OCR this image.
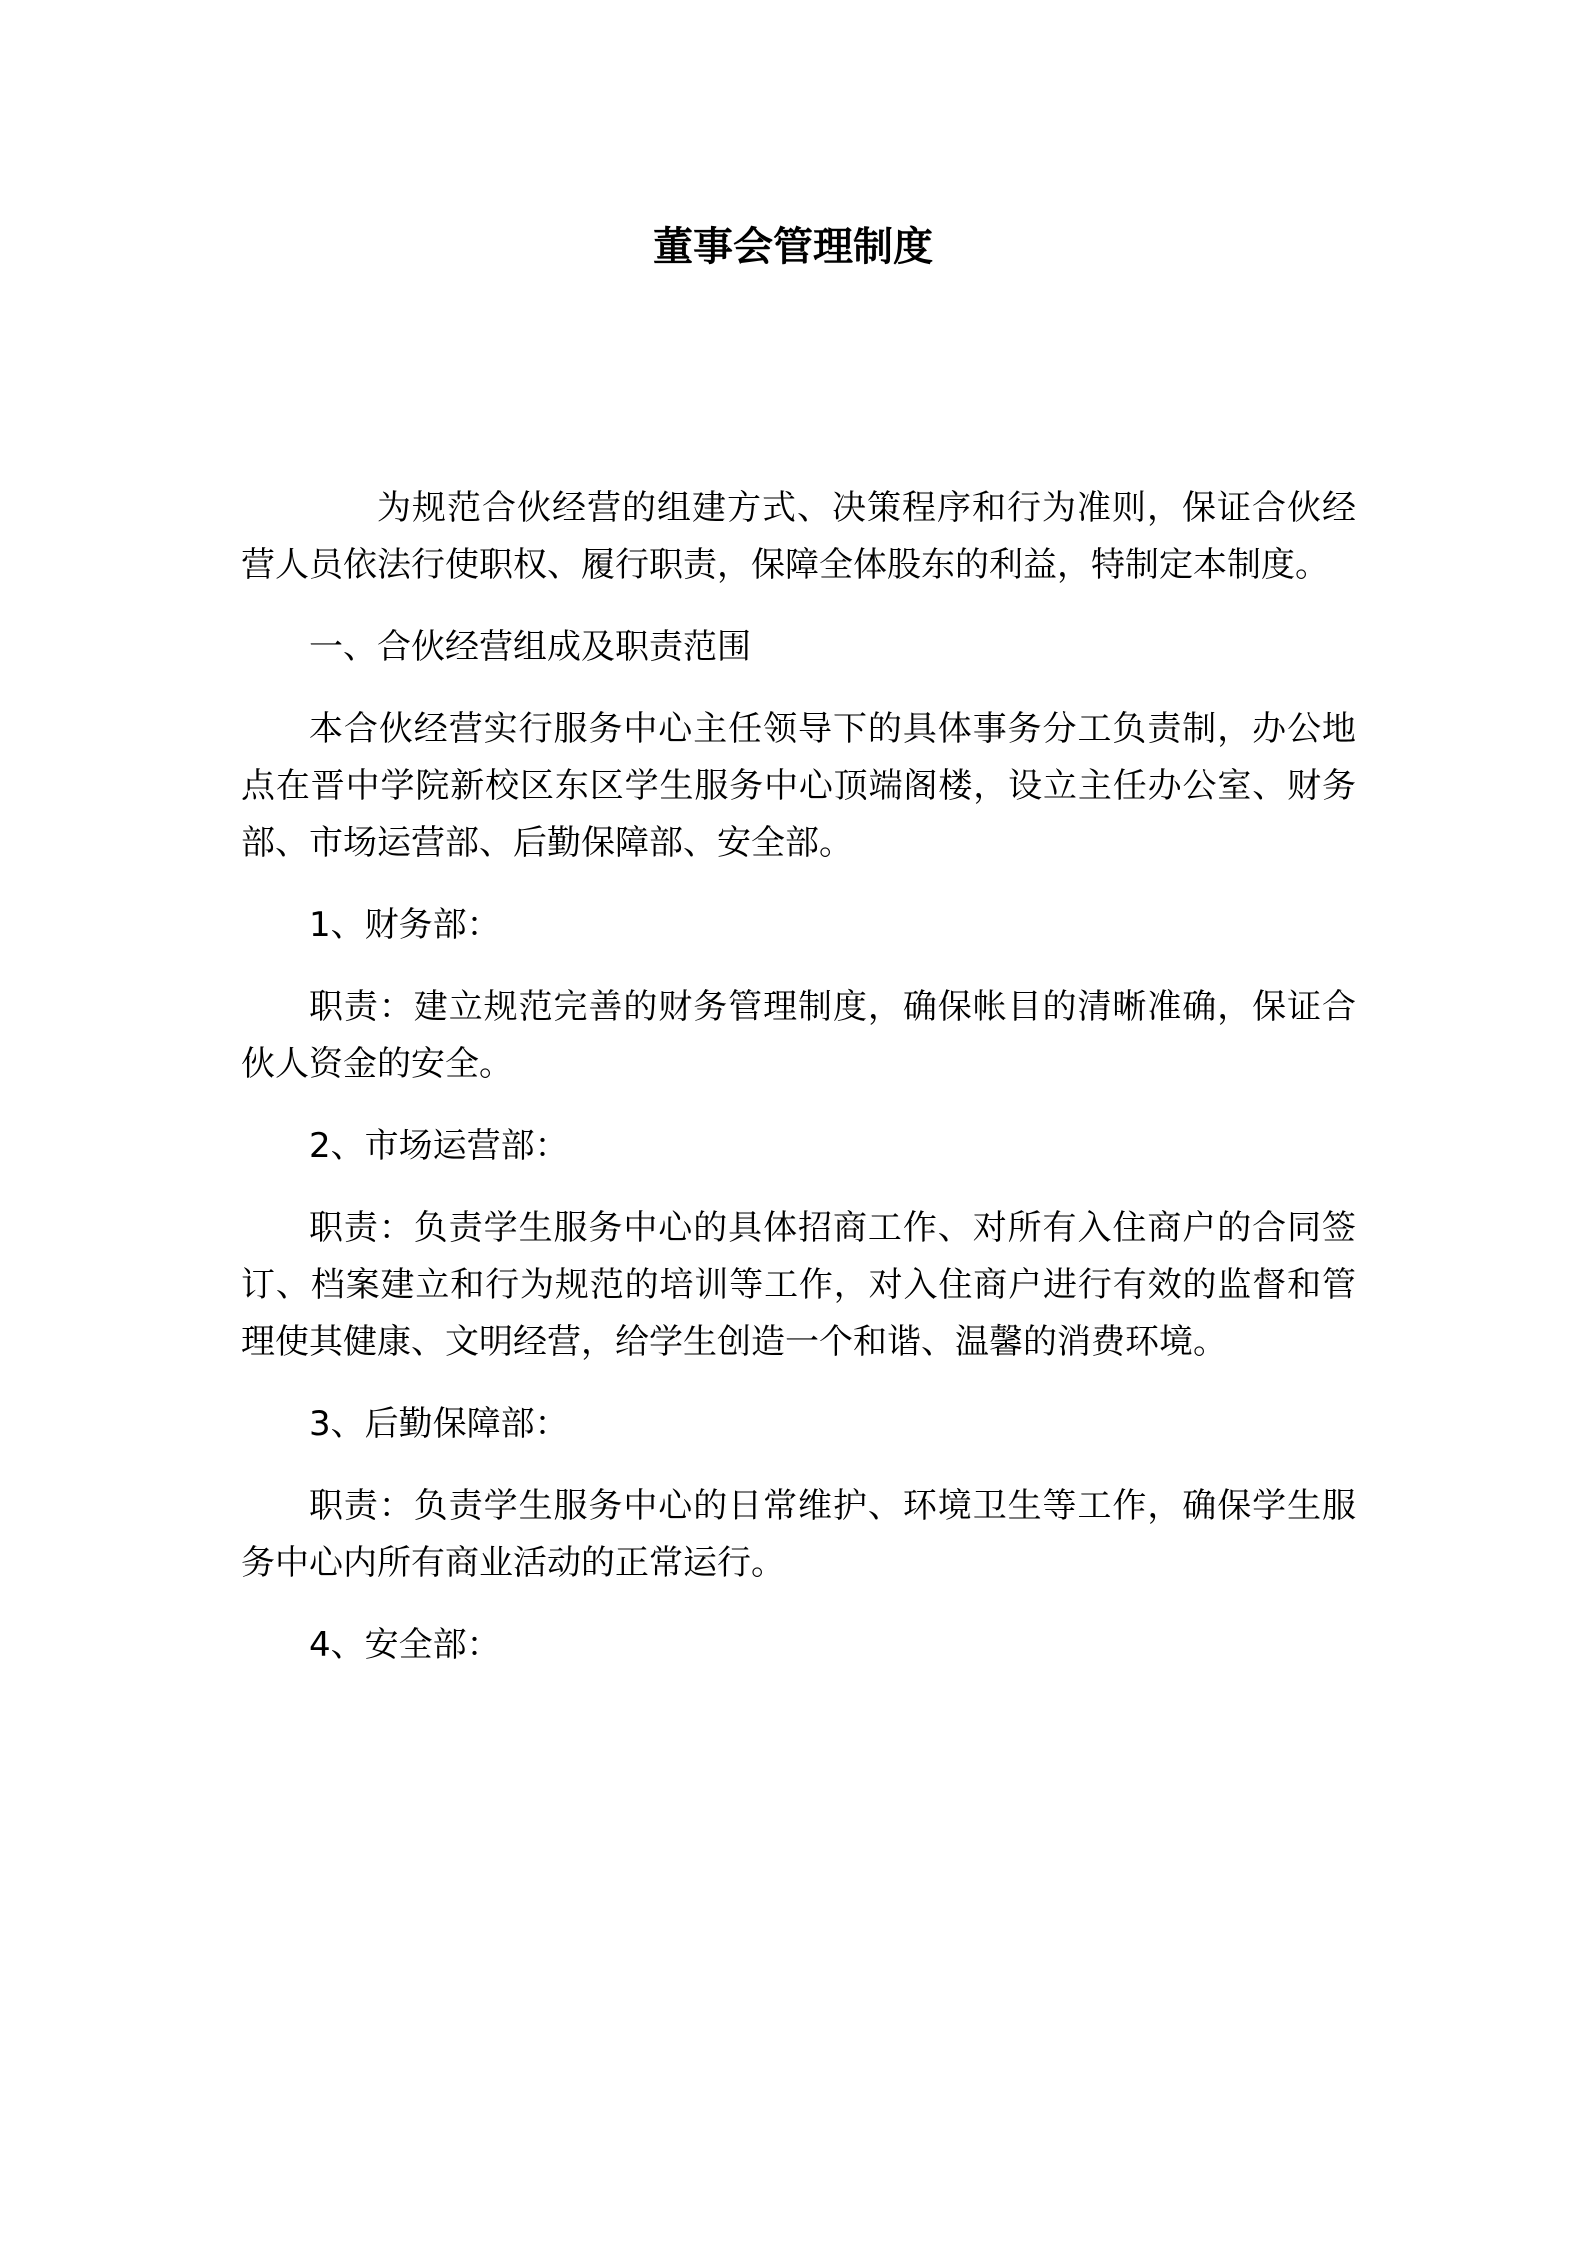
董事会管理制度

为规范合伙经营的组建方式、决策程序和行为准则，保证合伙经营人员依法行使职权、履行职责，保障全体股东的利益，特制定本制度。

一、合伙经营组成及职责范围

本合伙经营实行服务中心主任领导下的具体事务分工负责制，办公地点在晋中学院新校区东区学生服务中心顶端阁楼，设立主任办公室、财务部、市场运营部、后勤保障部、安全部。

1、财务部：

职责：建立规范完善的财务管理制度，确保帐目的清晰准确，保证合伙人资金的安全。

2、市场运营部：

职责：负责学生服务中心的具体招商工作、对所有入住商户的合同签订、档案建立和行为规范的培训等工作，对入住商户进行有效的监督和管理使其健康、文明经营，给学生创造一个和谐、温馨的消费环境。

3、后勤保障部：

职责：负责学生服务中心的日常维护、环境卫生等工作，确保学生服务中心内所有商业活动的正常运行。

4、安全部：
